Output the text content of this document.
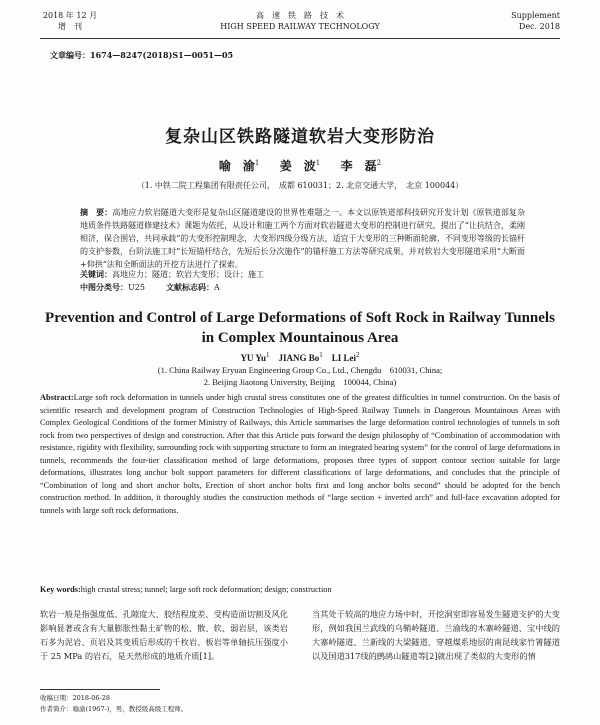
2018 年 12 月
增　刊
高　速　铁　路　技　术
HIGH SPEED RAILWAY TECHNOLOGY
Supplement
Dec. 2018
文章编号：1674—8247(2018)S1—0051—05
复杂山区铁路隧道软岩大变形防治
喻　渝$^1$   姜　波$^1$   李　磊$^2$
（1. 中铁二院工程集团有限责任公司，　成都 610031；2. 北京交通大学，　北京 100044）
摘　要：高地应力软岩隧道大变形是复杂山区隧道建设的世界性难题之一。本文以原铁道部科技研究开发计划《原铁道部复杂地质条件铁路隧道修建技术》课题为依托，从设计和施工两个方面对软岩隧道大变形的控制进行研究，提出了“让抗结合，柔刚相济，保合围岩，共同承载”的大变形控制理念，大变形四级分级方法，适宜于大变形的三种断面轮廓，不同变形等级的长锚杆的支护参数，台阶法施工时“长短锚杆结合，先短后长分次施作”的锚杆施工方法等研究成果，并对软岩大变形隧道采用“大断面+仰拱”法和全断面法的开挖方法进行了探索。
关键词：高地应力；隧道；软岩大变形；设计；施工
中图分类号：U25   	文献标志码：A
Prevention and Control of Large Deformations of Soft Rock in Railway Tunnels in Complex Mountainous Area
YU Yu$^1$   JIANG Bo$^1$   LI Lei$^2$
(1. China Railway Eryuan Engineering Group Co., Ltd., Chengdu　610031, China;
2. Beijing Jiaotong University, Beijing　100044, China)
Abstract:Large soft rock deformation in tunnels under high crustal stress constitutes one of the greatest difficulties in tunnel construction. On the basis of scientific research and development program of Construction Technologies of High-Speed Railway Tunnels in Dangerous Mountainous Areas with Complex Geological Conditions of the former Ministry of Railways, this Article summarises the large deformation control technologies of tunnels in soft rock from two perspectives of design and construction. After that this Article puts forward the design philosophy of “Combination of accommodation with resistance, rigidity with flexibility, surrounding rock with supporting structure to form an integrated bearing system” for the control of large deformations in tunnels, recommends the four-tier classification method of large deformations, proposes three types of support contour section suitable for large deformations, illustrates long anchor bolt support parameters for different classifications of large deformations, and concludes that the principle of “Combination of long and short anchor bolts, Erection of short anchor bolts first and long anchor bolts second” should be adopted for the bench construction method. In addition, it thoroughly studies the construction methods of “large section + inverted arch” and full-face excavation adopted for tunnels with large soft rock deformations.
Key words:high crustal stress; tunnel; large soft rock deformation; design; construction
软岩一般是指强度低、孔隙度大、胶结程度差、受构造面切割及风化影响显著或含有大量膨胀性黏土矿物的松、散、软、弱岩层，该类岩石多为泥岩、页岩及其变质后形成的千枚岩、板岩等单轴抗压强度小于 25 MPa 的岩石，是天然形成的地质介质[1]。
当其处于较高的地应力场中时，开挖洞室即容易发生隧道支护的大变形，例如我国兰武线的乌鞘岭隧道、兰渝线的木寨岭隧道、宝中线的大寨岭隧道、兰新线的大梁隧道、穿越煤系地层的南昆线家竹箐隧道以及国道317线的鹧鸪山隧道等[2]就出现了类似的大变形的情
收稿日期：2018-06-28
作者简介：喻渝(1967-)，男，教授级高级工程师。
